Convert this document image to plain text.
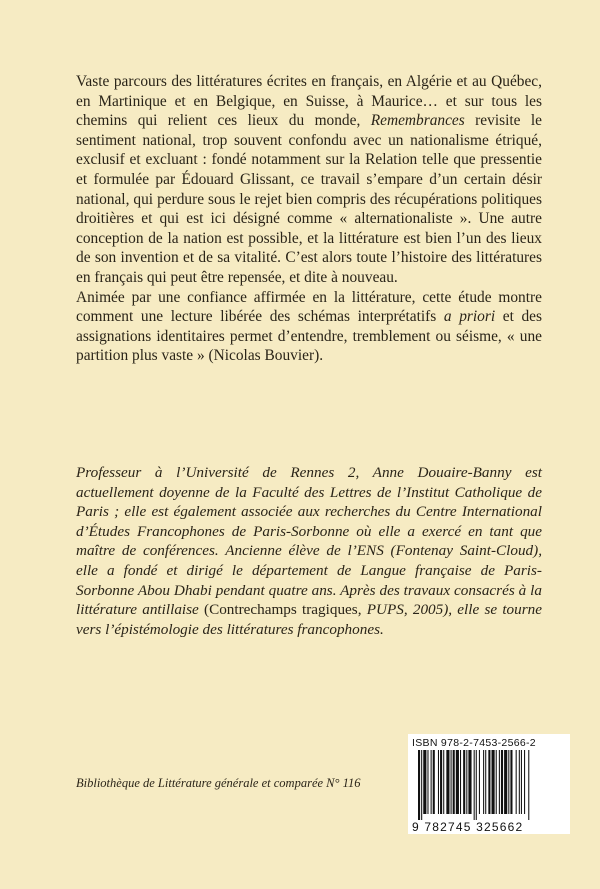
Vaste parcours des littératures écrites en français, en Algérie et au Québec, en Martinique et en Belgique, en Suisse, à Maurice… et sur tous les chemins qui relient ces lieux du monde, Remembrances revisite le sentiment national, trop souvent confondu avec un nationalisme étriqué, exclusif et excluant : fondé notamment sur la Relation telle que pressentie et formulée par Édouard Glissant, ce travail s’empare d’un certain désir national, qui perdure sous le rejet bien compris des récupérations politiques droitières et qui est ici désigné comme « alternationaliste ». Une autre conception de la nation est possible, et la littérature est bien l’un des lieux de son invention et de sa vitalité. C’est alors toute l’histoire des littératures en français qui peut être repensée, et dite à nouveau.

Animée par une confiance affirmée en la littérature, cette étude montre comment une lecture libérée des schémas interprétatifs a priori et des assignations identitaires permet d’entendre, tremblement ou séisme, « une partition plus vaste » (Nicolas Bouvier).

Professeur à l’Université de Rennes 2, Anne Douaire-Banny est actuellement doyenne de la Faculté des Lettres de l’Institut Catholique de Paris ; elle est également associée aux recherches du Centre International d’Études Francophones de Paris-Sorbonne où elle a exercé en tant que maître de conférences. Ancienne élève de l’ENS (Fontenay Saint-Cloud), elle a fondé et dirigé le département de Langue française de Paris-Sorbonne Abou Dhabi pendant quatre ans. Après des travaux consacrés à la littérature antillaise (Contrechamps tragiques, PUPS, 2005), elle se tourne vers l’épistémologie des littératures francophones.
Bibliothèque de Littérature générale et comparée N° 116
ISBN 978-2-7453-2566-2
9 782745 325662
